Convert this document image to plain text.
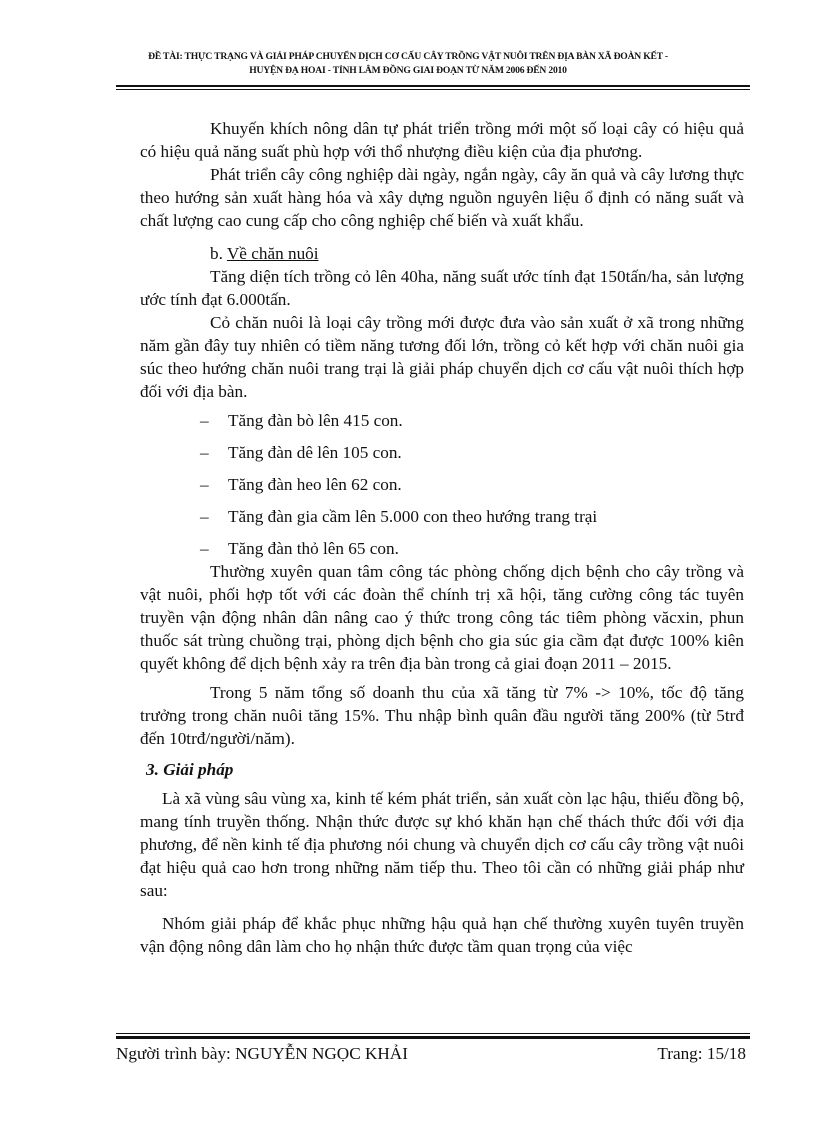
ĐỀ TÀI: THỰC TRẠNG VÀ GIẢI PHÁP CHUYỂN DỊCH CƠ CẤU CÂY TRỒNG VẬT NUÔI TRÊN ĐỊA BÀN XÃ ĐOÀN KẾT -
HUYỆN ĐẠ HOAI - TỈNH LÂM ĐỒNG GIAI ĐOẠN TỪ NĂM 2006 ĐẾN 2010

Khuyến khích nông dân tự phát triển trồng mới một số loại cây có hiệu quả có hiệu quả năng suất phù hợp với thổ nhượng điều kiện của địa phương.

Phát triển cây công nghiệp dài ngày, ngắn ngày, cây ăn quả và cây lương thực theo hướng sản xuất hàng hóa và xây dựng nguồn nguyên liệu ổ định có năng suất và chất lượng cao cung cấp cho công nghiệp chế biến và xuất khẩu.

b. Về chăn nuôi

Tăng diện tích trồng cỏ lên 40ha, năng suất ước tính đạt 150tấn/ha, sản lượng ước tính đạt 6.000tấn.

Cỏ chăn nuôi là loại cây trồng mới được đưa vào sản xuất ở xã trong những năm gần đây tuy nhiên có tiềm năng tương đối lớn, trồng cỏ kết hợp với chăn nuôi gia súc theo hướng chăn nuôi trang trại là giải pháp chuyển dịch cơ cấu vật nuôi thích hợp đối với địa bàn.

– Tăng đàn bò lên 415 con.
– Tăng đàn dê lên 105 con.
– Tăng đàn heo lên 62 con.
– Tăng đàn gia cầm lên 5.000 con theo hướng trang trại
– Tăng đàn thỏ lên 65 con.

Thường xuyên quan tâm công tác phòng chống dịch bệnh cho cây trồng và vật nuôi, phối hợp tốt với các đoàn thể chính trị xã hội, tăng cường công tác tuyên truyền vận động nhân dân nâng cao ý thức trong công tác tiêm phòng văcxin, phun thuốc sát trùng chuồng trại, phòng dịch bệnh cho gia súc gia cầm đạt được 100% kiên quyết không để dịch bệnh xảy ra trên địa bàn trong cả giai đoạn 2011 – 2015.

Trong 5 năm tổng số doanh thu của xã tăng từ 7% -> 10%, tốc độ tăng trưởng trong chăn nuôi tăng 15%. Thu nhập bình quân đầu người tăng 200% (từ 5trđ đến 10trđ/người/năm).

3. Giải pháp

Là xã vùng sâu vùng xa, kinh tế kém phát triển, sản xuất còn lạc hậu, thiếu đồng bộ, mang tính truyền thống. Nhận thức được sự khó khăn hạn chế thách thức đối với địa phương, để nền kinh tế địa phương nói chung và chuyển dịch cơ cấu cây trồng vật nuôi đạt hiệu quả cao hơn trong những năm tiếp thu. Theo tôi cần có những giải pháp như sau:

Nhóm giải pháp để khắc phục những hậu quả hạn chế thường xuyên tuyên truyền vận động nông dân làm cho họ nhận thức được tầm quan trọng của việc

Người trình bày: NGUYỄN NGỌC KHẢI	Trang: 15/18
